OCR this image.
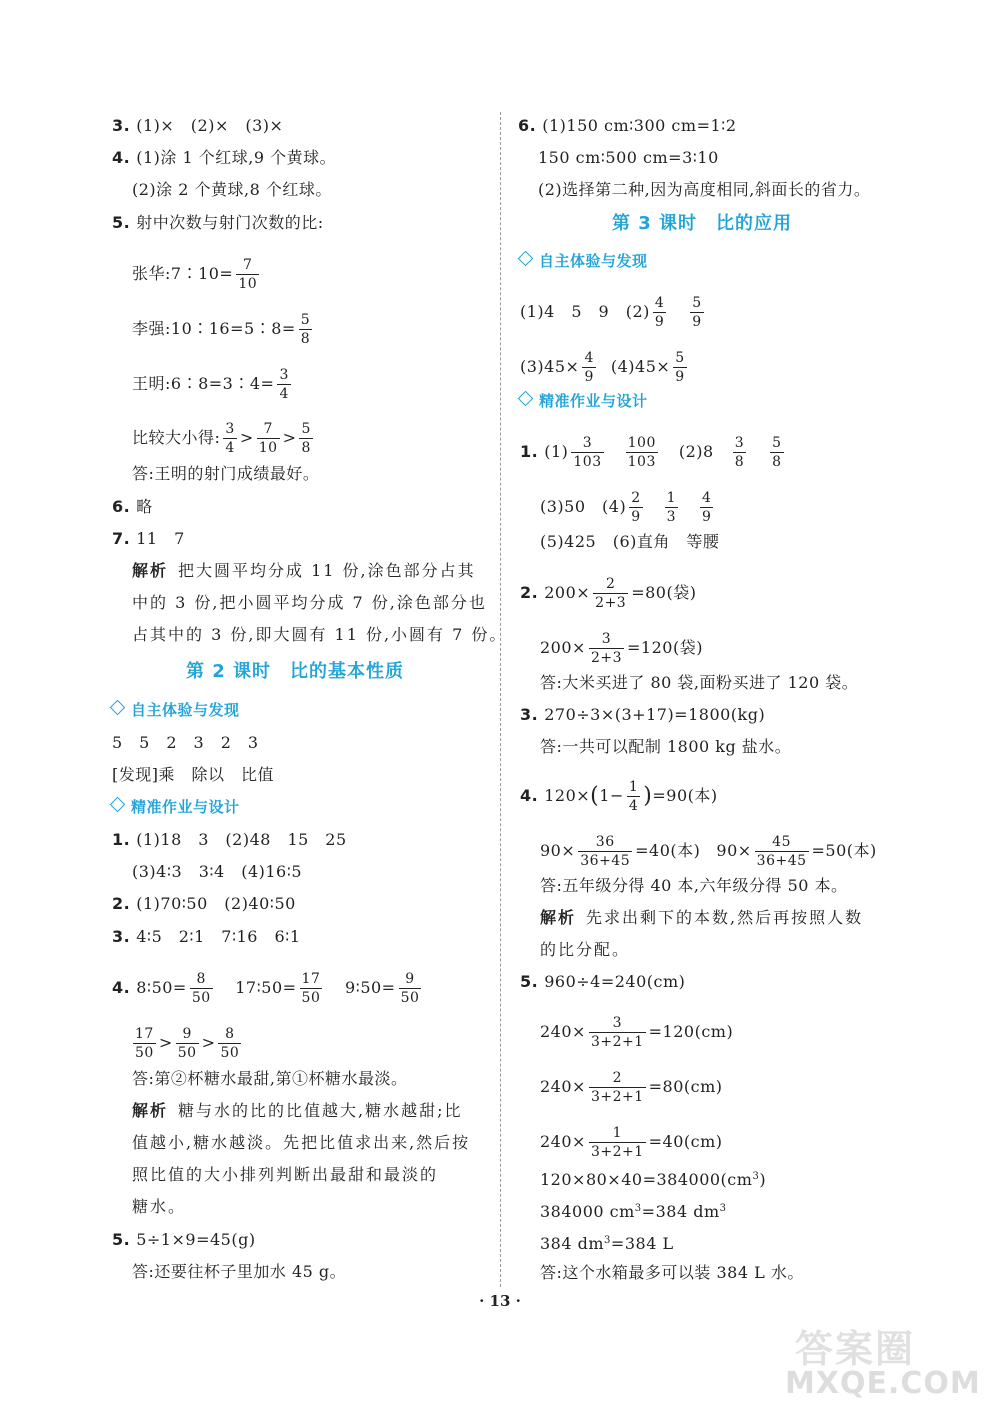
3. (1)×　(2)×　(3)×
4. (1)涂 1 个红球,9 个黄球。
(2)涂 2 个黄球,8 个红球。
5. 射中次数与射门次数的比:
张华:7∶10= $\frac{7}{10}$
李强:10∶16=5∶8= $\frac{5}{8}$
王明:6∶8=3∶4= $\frac{3}{4}$
比较大小得: $\frac{3}{4} > \frac{7}{10} > \frac{5}{8}$
答:王明的射门成绩最好。
6. 略
7. 11　7
解析 把大圆平均分成 11 份,涂色部分占其
中的 3 份,把小圆平均分成 7 份,涂色部分也
占其中的 3 份,即大圆有 11 份,小圆有 7 份。
第 2 课时　比的基本性质
自主体验与发现
5　5　2　3　2　3
[发现]乘　除以　比值
精准作业与设计
1. (1)18　3　(2)48　15　25
(3)4∶3　3∶4　(4)16∶5
2. (1)70∶50　(2)40∶50
3. 4∶5　2∶1　7∶16　6∶1
4. 8∶50= $\frac{8}{50}$ 17∶50= $\frac{17}{50}$ 9∶50= $\frac{9}{50}$
$\frac{17}{50} > \frac{9}{50} > \frac{8}{50}$
答:第②杯糖水最甜,第①杯糖水最淡。
解析 糖与水的比的比值越大,糖水越甜;比
值越小,糖水越淡。先把比值求出来,然后按
照比值的大小排列判断出最甜和最淡的
糖水。
5. 5÷1×9=45(g)
答:还要往杯子里加水 45 g。
6. (1)150 cm∶300 cm=1∶2
150 cm∶500 cm=3∶10
(2)选择第二种,因为高度相同,斜面长的省力。
第 3 课时　比的应用
自主体验与发现
(1)4　5　9　$(2) \frac{4}{9} \frac{5}{9}$
$(3)45\times \frac{4}{9} (4)45\times \frac{5}{9}$
精准作业与设计
1. $(1) \frac{3}{103} \frac{100}{103} (2)8 \frac{3}{8} \frac{5}{8}$
(3)50　$(4) \frac{2}{9} \frac{1}{3} \frac{4}{9}$
(5)425　(6)直角　等腰
2. $200\times \frac{2}{2+3} =80$(袋)
$200\times \frac{3}{2+3} =120$(袋)
答:大米买进了 80 袋,面粉买进了 120 袋。
3. 270÷3×(3+17)=1800(kg)
答:一共可以配制 1800 kg 盐水。
4. $120\times(1- \frac{1}{4} )=90$(本)
$90\times \frac{36}{36+45} =40$(本) $90\times \frac{45}{36+45} =50$(本)
答:五年级分得 40 本,六年级分得 50 本。
解析 先求出剩下的本数,然后再按照人数
的比分配。
5. 960÷4=240(cm)
$240\times \frac{3}{3+2+1} =120(cm)$
$240\times \frac{2}{3+2+1} =80(cm)$
$240\times \frac{1}{3+2+1} =40(cm)$
$120\times 80\times 40=384000(cm^3)$
384000 $cm^3=384$ $dm^3$
384 $dm^3=384$ L
答:这个水箱最多可以装 384 L 水。
· 13 ·
答案圈
MXQE.COM
